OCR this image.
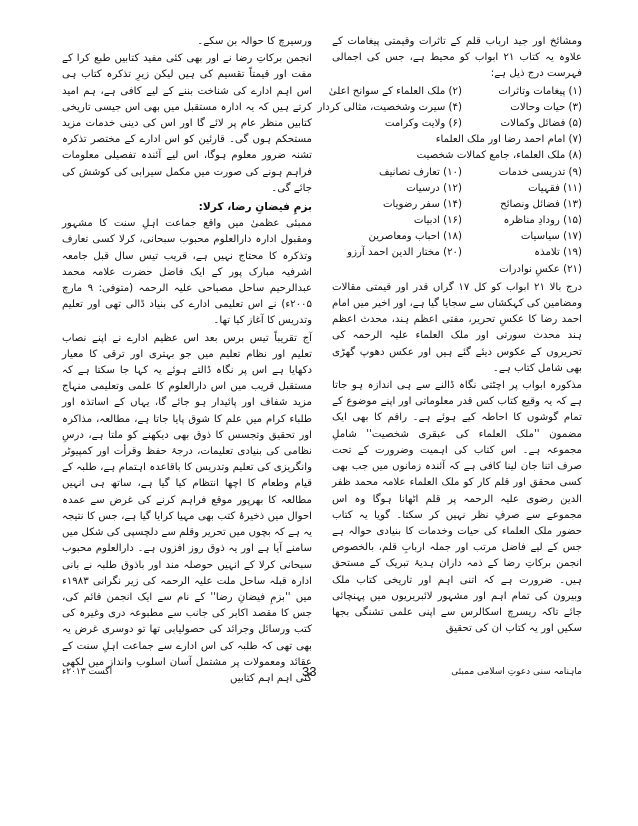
ومشائخ اور جید ارباب قلم کے تاثرات وقیمتی پیغامات کے علاوہ یہ کتاب ۲۱ ابواب کو محیط ہے، جس کی اجمالی فہرست درج ذیل ہے:

(۱) پیغامات وتاثرات
(۲) ملک العلماء کے سوانح اعلیٰ
(۳) حیات وحالات
(۴) سیرت وشخصیت، مثالی کردار
(۵) فضائل وکمالات
(۶) ولایت وکرامت
(۷) امام احمد رضا اور ملک العلماء
(۸) ملک العلماء، جامع کمالات شخصیت
(۹) تدریسی خدمات
(۱۰) تعارف تصانیف
(۱۱) فقہیات
(۱۲) درسیات
(۱۳) فضائل ونصائح
(۱۴) سفر رضویات
(۱۵) رودادِ مناظرہ
(۱۶) ادبیات
(۱۷) سیاسیات
(۱۸) احباب ومعاصرین
(۱۹) تلامذہ
(۲۰) مختار الدین احمد آرزو
(۲۱) عکسِ نوادرات

درج بالا ۲۱ ابواب کو کل ۱۷ گراں قدر اور قیمتی مقالات ومضامین کی کہکشاں سے سجایا گیا ہے، اور اخیر میں امام احمد رضا کا عکسِ تحریر، مفتی اعظم ہند، محدث اعظم ہند محدث سورتی اور ملک العلماء علیہ الرحمہ کی تحریروں کے عکوس دیئے گئے ہیں اور عکس دھوپ گھڑی بھی شامل کتاب ہے۔

مذکورہ ابواب پر اچٹتی نگاہ ڈالنے سے ہی اندازہ ہو جاتا ہے کہ یہ وقیع کتاب کس قدر معلوماتی اور اپنے موضوع کے تمام گوشوں کا احاطہ کیے ہوئے ہے۔ راقم کا بھی ایک مضمون ''ملک العلماء کی عبقری شخصیت'' شاملِ مجموعہ ہے۔ اس کتاب کی اہمیت وضرورت کے تحت صرف اتنا جان لینا کافی ہے کہ آئندہ زمانوں میں جب بھی کسی محقق اور قلم کار کو ملک العلماء علامہ محمد ظفر الدین رضوی علیہ الرحمہ پر قلم اٹھانا ہوگا وہ اس مجموعے سے صرفِ نظر نہیں کر سکتا۔ گویا یہ کتاب حضور ملک العلماء کی حیات وخدمات کا بنیادی حوالہ ہے جس کے لیے فاضل مرتب اور جملہ اربابِ قلم، بالخصوص انجمن برکاتِ رضا کے ذمہ داران ہدیۂ تبریک کے مستحق ہیں۔ ضرورت ہے کہ اتنی اہم اور تاریخی کتاب ملک وبیرون کی تمام اہم اور مشہور لائبریریوں میں پہنچائی جائے تاکہ ریسرچ اسکالرس سے اپنی علمی تشنگی بجھا سکیں اور یہ کتاب ان کی تحقیق

ورسیرچ کا حوالہ بن سکے۔

انجمن برکاتِ رضا نے اور بھی کئی مفید کتابیں طبع کرا کے مفت اور قیمتاً تقسیم کی ہیں لیکن زیرِ تذکرہ کتاب ہی اس اہم ادارے کی شناخت بننے کے لیے کافی ہے، ہم امید کرتے ہیں کہ یہ ادارہ مستقبل میں بھی اس جیسی تاریخی کتابیں منظر عام پر لائے گا اور اس کی دینی خدمات مزید مستحکم ہوں گی۔ قارئین کو اس ادارے کے مختصر تذکرہ تشنہ ضرور معلوم ہوگا، اس لیے آئندہ تفصیلی معلومات فراہم ہونے کی صورت میں مکمل سیرابی کی کوشش کی جائے گی۔

بزمِ فیضانِ رضا، کرلا:

ممبئی عظمیٰ میں واقع جماعت اہلِ سنت کا مشہور ومقبول ادارہ دارالعلوم محبوب سبحانی، کرلا کسی تعارف وتذکرہ کا محتاج نہیں ہے، قریب تیس سال قبل جامعہ اشرفیہ مبارک پور کے ایک فاضل حضرت علامہ محمد عبدالرحیم ساحل مصباحی علیہ الرحمہ (متوفی: ۹ مارچ ۲۰۰۵ء) نے اس تعلیمی ادارے کی بنیاد ڈالی تھی اور تعلیم وتدریس کا آغاز کیا تھا۔

آج تقریباً تیس برس بعد اس عظیم ادارے نے اپنے نصاب تعلیم اور نظام تعلیم میں جو بہتری اور ترقی کا معیار دکھایا ہے اس پر نگاہ ڈالتے ہوئے یہ کہا جا سکتا ہے کہ مستقبل قریب میں اس دارالعلوم کا علمی وتعلیمی منہاج مزید شفاف اور پائیدار ہو جائے گا، یہاں کے اساتذہ اور طلباء کرام میں علم کا شوق پایا جاتا ہے، مطالعہ، مذاکرہ اور تحقیق وتجسس کا ذوق بھی دیکھنے کو ملتا ہے، درسِ نظامی کی بنیادی تعلیمات، درجۂ حفظ وقرأت اور کمپیوٹر وانگریزی کی تعلیم وتدریس کا باقاعدہ اہتمام ہے، طلبہ کے قیام وطعام کا اچھا انتظام کیا گیا ہے، ساتھ ہی انہیں مطالعہ کا بھرپور موقع فراہم کرنے کی غرض سے عمدہ احوال میں ذخیرۂ کتب بھی مہیا کرایا گیا ہے، جس کا نتیجہ یہ ہے کہ بچوں میں تحریر وقلم سے دلچسپی کی شکل میں سامنے آیا ہے اور یہ ذوق روز افزوں ہے۔ دارالعلوم محبوب سبحانی کرلا کے انہیں حوصلہ مند اور باذوق طلبہ نے بانی ادارہ قبلہ ساحل ملت علیہ الرحمہ کی زیر نگرانی ۱۹۸۳ء میں ''بزمِ فیضانِ رضا'' کے نام سے ایک انجمن قائم کی، جس کا مقصد اکابر کی جانب سے مطبوعہ دری وغیرہ کی کتب ورسائل وجرائد کی حصولیابی تھا تو دوسری غرض یہ بھی تھی کہ طلبہ کی اس ادارے سے جماعت اہلِ سنت کے عقائد ومعمولات پر مشتمل آسان اسلوب وانداز میں لکھی گئی اہم اہم کتابیں

ماہنامہ سنی دعوتِ اسلامی ممبئی
33
اگست ۲۰۱۳ء
